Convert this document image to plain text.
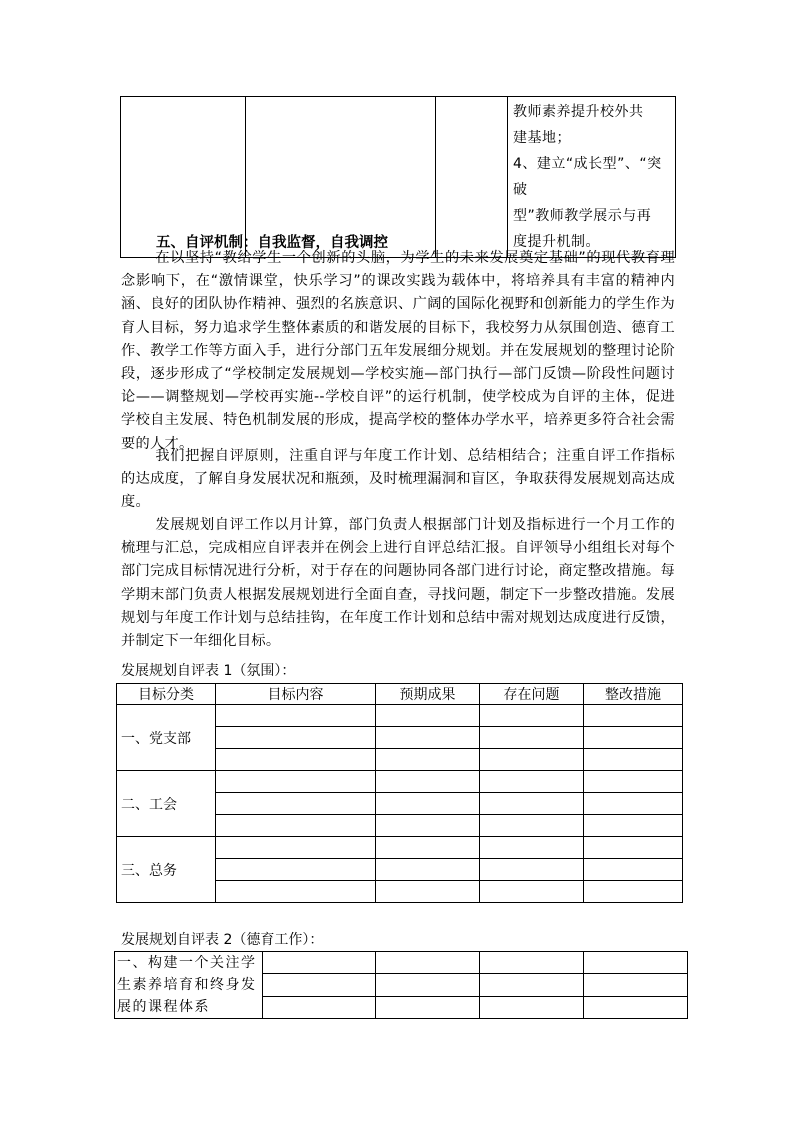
教师素养提升校外共
建基地；
4、建立“成长型”、“突破
型”教师教学展示与再
度提升机制。
五、自评机制：自我监督，自我调控

在以坚持“教给学生一个创新的头脑，为学生的未来发展奠定基础”的现代教育理念影响下，在“激情课堂，快乐学习”的课改实践为载体中，将培养具有丰富的精神内涵、良好的团队协作精神、强烈的名族意识、广阔的国际化视野和创新能力的学生作为育人目标，努力追求学生整体素质的和谐发展的目标下，我校努力从氛围创造、德育工作、教学工作等方面入手，进行分部门五年发展细分规划。并在发展规划的整理讨论阶段，逐步形成了“学校制定发展规划—学校实施—部门执行—部门反馈—阶段性问题讨论——调整规划—学校再实施--学校自评”的运行机制，使学校成为自评的主体，促进学校自主发展、特色机制发展的形成，提高学校的整体办学水平，培养更多符合社会需要的人才。

我们把握自评原则，注重自评与年度工作计划、总结相结合；注重自评工作指标的达成度，了解自身发展状况和瓶颈，及时梳理漏洞和盲区，争取获得发展规划高达成度。

发展规划自评工作以月计算，部门负责人根据部门计划及指标进行一个月工作的梳理与汇总，完成相应自评表并在例会上进行自评总结汇报。自评领导小组组长对每个部门完成目标情况进行分析，对于存在的问题协同各部门进行讨论，商定整改措施。每学期末部门负责人根据发展规划进行全面自查，寻找问题，制定下一步整改措施。发展规划与年度工作计划与总结挂钩，在年度工作计划和总结中需对规划达成度进行反馈，并制定下一年细化目标。

发展规划自评表 1（氛围）：

目标分类	目标内容	预期成果	存在问题	整改措施
一、党支部				

二、工会				

三、总务				

发展规划自评表 2（德育工作）：

一、构建一个关注学生素养培育和终身发展的课程体系				
